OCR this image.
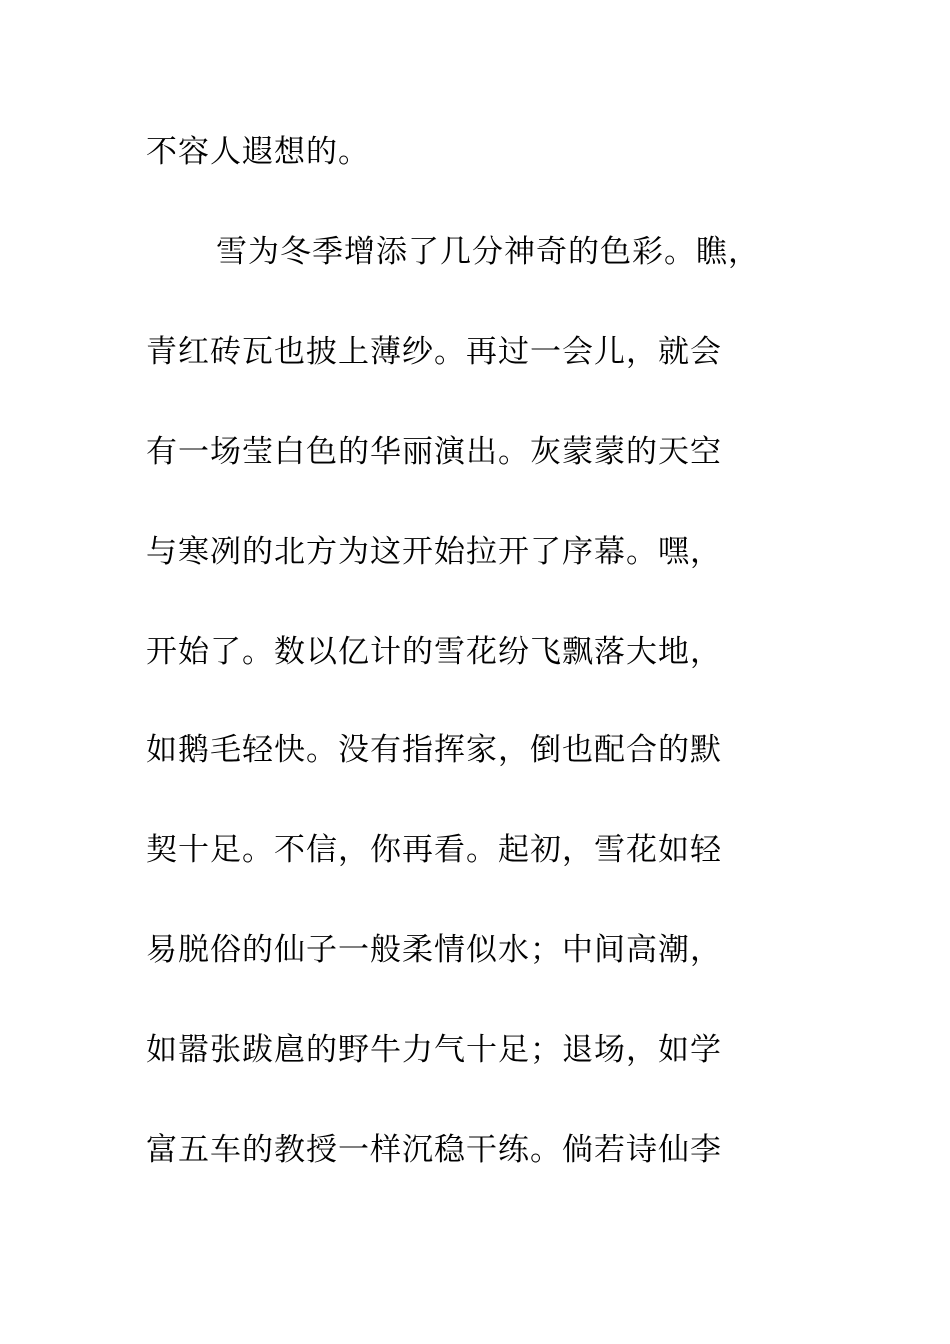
不容人遐想的。
雪为冬季增添了几分神奇的色彩。瞧，
青红砖瓦也披上薄纱。再过一会儿，就会
有一场莹白色的华丽演出。灰蒙蒙的天空
与寒冽的北方为这开始拉开了序幕。嘿，
开始了。数以亿计的雪花纷飞飘落大地，
如鹅毛轻快。没有指挥家，倒也配合的默
契十足。不信，你再看。起初，雪花如轻
易脱俗的仙子一般柔情似水；中间高潮，
如嚣张跋扈的野牛力气十足；退场，如学
富五车的教授一样沉稳干练。倘若诗仙李
